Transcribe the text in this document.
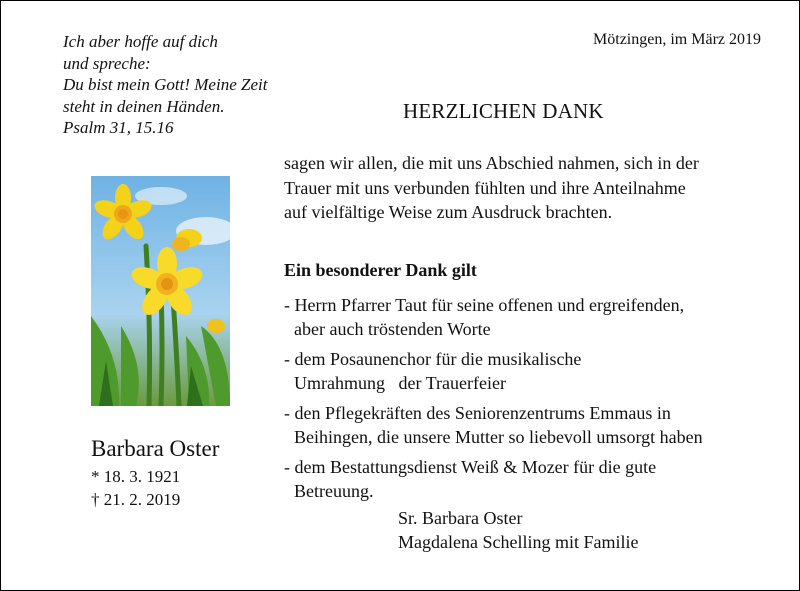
Ich aber hoffe auf dich
und spreche:
Du bist mein Gott! Meine Zeit
steht in deinen Händen.
Psalm 31, 15.16
Mötzingen, im März 2019
HERZLICHEN DANK
sagen wir allen, die mit uns Abschied nahmen, sich in der
Trauer mit uns verbunden fühlten und ihre Anteilnahme
auf vielfältige Weise zum Ausdruck brachten.
Ein besonderer Dank gilt
- Herrn Pfarrer Taut für seine offenen und ergreifenden,
aber auch tröstenden Worte
- dem Posaunenchor für die musikalische
Umrahmung   der Trauerfeier
- den Pflegekräften des Seniorenzentrums Emmaus in
Beihingen, die unsere Mutter so liebevoll umsorgt haben
- dem Bestattungsdienst Weiß & Mozer für die gute
Betreuung.
Sr. Barbara Oster
Magdalena Schelling mit Familie
Barbara Oster
* 18. 3. 1921
† 21. 2. 2019
